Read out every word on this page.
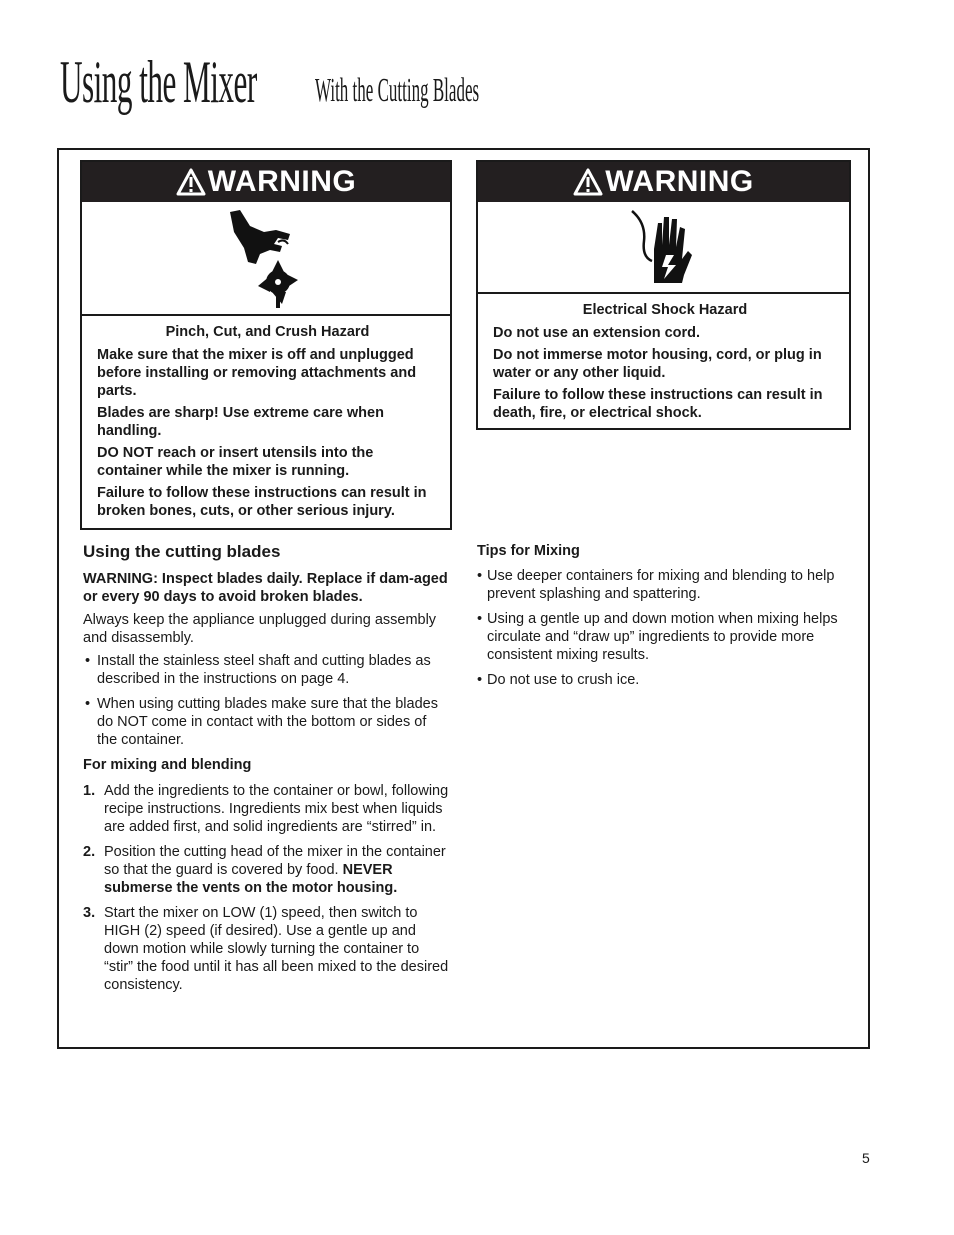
Using the Mixer With the Cutting Blades
WARNING
Pinch, Cut, and Crush Hazard

Make sure that the mixer is off and unplugged before installing or removing attachments and parts.

Blades are sharp! Use extreme care when handling.

DO NOT reach or insert utensils into the container while the mixer is running.

Failure to follow these instructions can result in broken bones, cuts, or other serious injury.

WARNING
Electrical Shock Hazard

Do not use an extension cord.

Do not immerse motor housing, cord, or plug in water or any other liquid.

Failure to follow these instructions can result in death, fire, or electrical shock.

Using the cutting blades
WARNING: Inspect blades daily. Replace if dam-aged or every 90 days to avoid broken blades.
Always keep the appliance unplugged during assembly and disassembly.
• Install the stainless steel shaft and cutting blades as described in the instructions on page 4.
• When using cutting blades make sure that the blades do NOT come in contact with the bottom or sides of the container.
For mixing and blending
1. Add the ingredients to the container or bowl, following recipe instructions. Ingredients mix best when liquids are added first, and solid ingredients are “stirred” in.
2. Position the cutting head of the mixer in the container so that the guard is covered by food. NEVER submerse the vents on the motor housing.
3. Start the mixer on LOW (1) speed, then switch to HIGH (2) speed (if desired). Use a gentle up and down motion while slowly turning the container to “stir” the food until it has all been mixed to the desired consistency.
Tips for Mixing
• Use deeper containers for mixing and blending to help prevent splashing and spattering.
• Using a gentle up and down motion when mixing helps circulate and “draw up” ingredients to provide more consistent mixing results.
• Do not use to crush ice.
5
